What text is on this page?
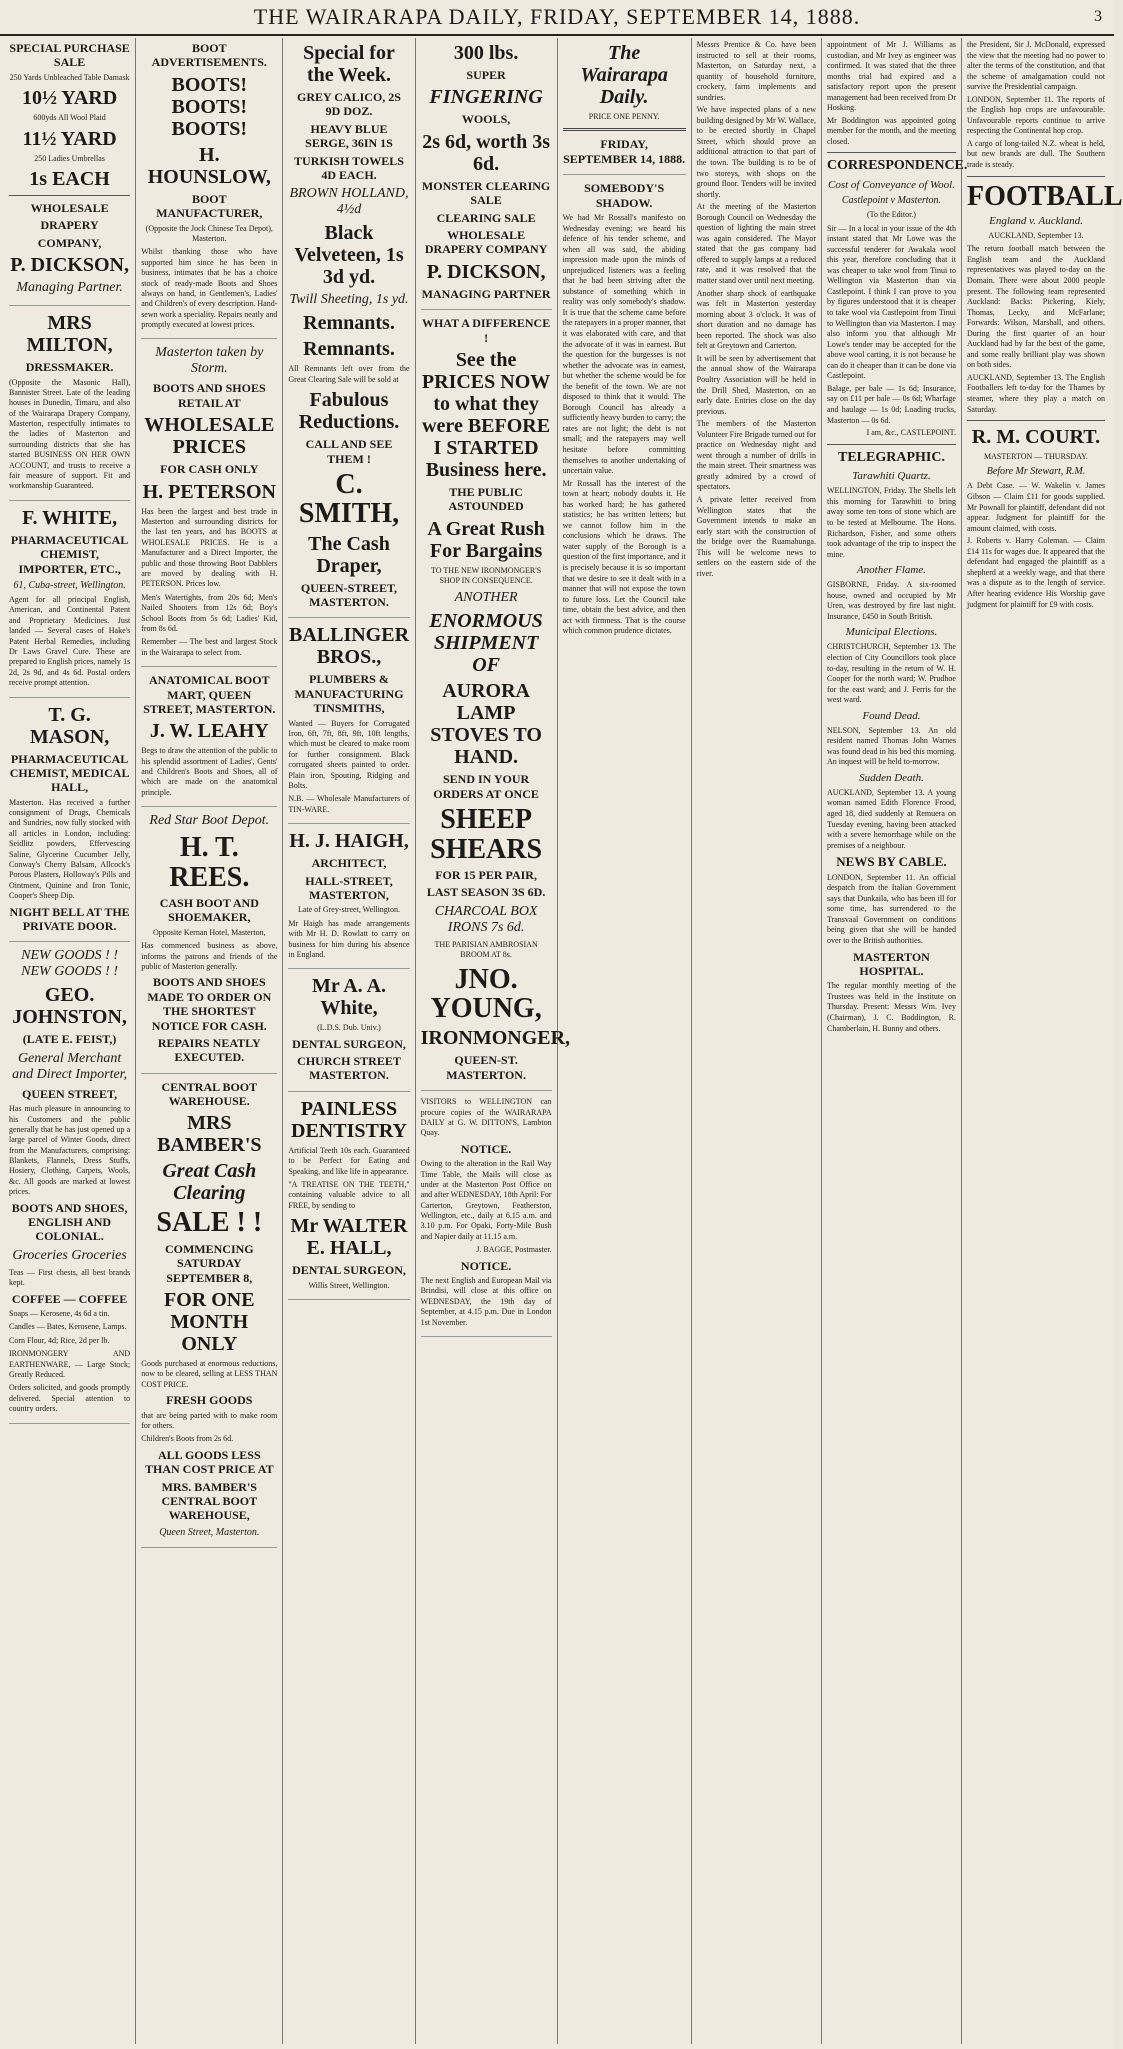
THE WAIRARAPA DAILY, FRIDAY, SEPTEMBER 14, 1888.	3
SPECIAL PURCHASE SALE
250 Yards Unbleached Table Damask
10½ YARD
600yds All Wool Plaid
11½ YARD
250 Ladies Umbrellas
1s EACH
WHOLESALE
DRAPERY
COMPANY,
P. DICKSON,
Managing Partner.
MRS MILTON,
DRESSMAKER.
(Opposite the Masonic Hall), Bannister Street. Late of the leading houses in Dunedin, Timaru, and also of the Wairarapa Drapery Company, Masterton, respectfully intimates to the ladies of Masterton and surrounding districts that she has started BUSINESS ON HER OWN ACCOUNT, and trusts to receive a fair measure of support. Fit and workmanship Guaranteed.
F. WHITE,
PHARMACEUTICAL CHEMIST, IMPORTER, ETC.,
61, Cuba-street, Wellington.
Agent for all principal English, American, and Continental Patent and Proprietary Medicines. Just landed — Several cases of Hake's Patent Herbal Remedies, including Dr Laws Gravel Cure. These are prepared to English prices, namely 1s 2d, 2s 9d, and 4s 6d. Postal orders receive prompt attention.
T. G. MASON,
PHARMACEUTICAL CHEMIST, MEDICAL HALL,
Masterton. Has received a further consignment of Drugs, Chemicals and Sundries, now fully stocked with all articles in London, including: Seidlitz powders, Effervescing Saline, Glycerine Cucumber Jelly, Conway's Cherry Balsam, Allcock's Porous Plasters, Holloway's Pills and Ointment, Quinine and Iron Tonic, Cooper's Sheep Dip.
NIGHT BELL AT THE PRIVATE DOOR.
NEW GOODS ! ! NEW GOODS ! !
GEO. JOHNSTON,
(LATE E. FEIST,)
General Merchant and Direct Importer,
QUEEN STREET,
Has much pleasure in announcing to his Customers and the public generally that he has just opened up a large parcel of Winter Goods, direct from the Manufacturers, comprising: Blankets, Flannels, Dress Stuffs, Hosiery, Clothing, Carpets, Wools, &c. All goods are marked at lowest prices.
BOOTS AND SHOES, ENGLISH AND COLONIAL.
Groceries Groceries
Teas — First chests, all best brands kept.
COFFEE — COFFEE
Soaps — Kerosene, 4s 6d a tin.
Candles — Bates, Kerosene, Lamps.
Corn Flour, 4d; Rice, 2d per lb.
IRONMONGERY AND EARTHENWARE, — Large Stock; Greatly Reduced.
Orders solicited, and goods promptly delivered. Special attention to country orders.
BOOT ADVERTISEMENTS.
BOOTS! BOOTS! BOOTS!
H. HOUNSLOW,
BOOT MANUFACTURER,
(Opposite the Jock Chinese Tea Depot), Masterton.
Whilst thanking those who have supported him since he has been in business, intimates that he has a choice stock of ready-made Boots and Shoes always on hand, in Gentlemen's, Ladies' and Children's of every description. Hand-sewn work a speciality. Repairs neatly and promptly executed at lowest prices.
Masterton taken by Storm.
BOOTS AND SHOES RETAIL AT
WHOLESALE PRICES
FOR CASH ONLY
H. PETERSON
Has been the largest and best trade in Masterton and surrounding districts for the last ten years, and has BOOTS at WHOLESALE PRICES. He is a Manufacturer and a Direct Importer, the public and those throwing Boot Dabblers are moved by dealing with H. PETERSON. Prices low.
Men's Watertights, from 20s 6d; Men's Nailed Shooters from 12s 6d; Boy's School Boots from 5s 6d; Ladies' Kid, from 8s 6d.
Remember — The best and largest Stock in the Wairarapa to select from.
ANATOMICAL BOOT MART, QUEEN STREET, MASTERTON.
J. W. LEAHY
Begs to draw the attention of the public to his splendid assortment of Ladies', Gents' and Children's Boots and Shoes, all of which are made on the anatomical principle.
Red Star Boot Depot.
H. T. REES.
CASH BOOT AND SHOEMAKER,
Opposite Kernan Hotel, Masterton,
Has commenced business as above, informs the patrons and friends of the public of Masterton generally.
BOOTS AND SHOES MADE TO ORDER ON THE SHORTEST NOTICE FOR CASH.
REPAIRS NEATLY EXECUTED.
CENTRAL BOOT WAREHOUSE.
MRS BAMBER'S
Great Cash Clearing
SALE ! !
COMMENCING SATURDAY SEPTEMBER 8,
FOR ONE MONTH ONLY
Goods purchased at enormous reductions, now to be cleared, selling at LESS THAN COST PRICE.
FRESH GOODS
that are being parted with to make room for others.
Children's Boots from 2s 6d.
ALL GOODS LESS THAN COST PRICE AT
MRS. BAMBER'S CENTRAL BOOT WAREHOUSE,
Queen Street, Masterton.
Special for the Week.
GREY CALICO, 2S 9D DOZ.
HEAVY BLUE SERGE, 36IN 1S
TURKISH TOWELS 4D EACH.
BROWN HOLLAND, 4½d
Black Velveteen, 1s 3d yd.
Twill Sheeting, 1s yd.
Remnants.
Remnants.
All Remnants left over from the Great Clearing Sale will be sold at
Fabulous Reductions.
CALL AND SEE THEM !
C. SMITH,
The Cash Draper,
QUEEN-STREET, MASTERTON.
BALLINGER BROS.,
PLUMBERS & MANUFACTURING TINSMITHS,
Wanted — Buyers for Corrugated Iron, 6ft, 7ft, 8ft, 9ft, 10ft lengths, which must be cleared to make room for further consignment. Black corrugated sheets painted to order. Plain iron, Spouting, Ridging and Bolts.
N.B. — Wholesale Manufacturers of TIN-WARE.
H. J. HAIGH,
ARCHITECT,
HALL-STREET, MASTERTON,
Late of Grey-street, Wellington.
Mr Haigh has made arrangements with Mr H. D. Rowlatt to carry on business for him during his absence in England.
Mr A. A. White,
(L.D.S. Dub. Univ.)
DENTAL SURGEON,
CHURCH STREET MASTERTON.
PAINLESS DENTISTRY
Artificial Teeth 10s each. Guaranteed to be Perfect for Eating and Speaking, and like life in appearance.
"A TREATISE ON THE TEETH," containing valuable advice to all FREE, by sending to
Mr WALTER E. HALL,
DENTAL SURGEON,
Willis Street, Wellington.
300 lbs.
SUPER
FINGERING
WOOLS,
2s 6d, worth 3s 6d.
MONSTER CLEARING SALE
CLEARING SALE
WHOLESALE DRAPERY COMPANY
P. DICKSON,
MANAGING PARTNER
WHAT A DIFFERENCE !
See the PRICES NOW to what they were BEFORE I STARTED Business here.
THE PUBLIC ASTOUNDED
A Great Rush For Bargains
TO THE NEW IRONMONGER'S SHOP IN CONSEQUENCE.
ANOTHER
ENORMOUS SHIPMENT OF
AURORA LAMP STOVES TO HAND.
SEND IN YOUR ORDERS AT ONCE
SHEEP SHEARS
FOR 15 PER PAIR,
LAST SEASON 3S 6D.
CHARCOAL BOX IRONS 7s 6d.
THE PARISIAN AMBROSIAN BROOM AT 8s.
JNO. YOUNG,
IRONMONGER,
QUEEN-ST. MASTERTON.
VISITORS to WELLINGTON can procure copies of the WAIRARAPA DAILY at G. W. DITTON'S, Lambton Quay.
NOTICE.
Owing to the alteration in the Rail Way Time Table, the Mails will close as under at the Masterton Post Office on and after WEDNESDAY, 18th April: For Carterton, Greytown, Featherston, Wellington, etc., daily at 6.15 a.m. and 3.10 p.m. For Opaki, Forty-Mile Bush and Napier daily at 11.15 a.m.
J. BAGGE, Postmaster.
NOTICE.
The next English and European Mail via Brindisi, will close at this office on WEDNESDAY, the 19th day of September, at 4.15 p.m. Due in London 1st November.
The Wairarapa Daily.
PRICE ONE PENNY.
FRIDAY, SEPTEMBER 14, 1888.
SOMEBODY'S SHADOW.

We had Mr Rossall's manifesto on Wednesday evening; we heard his defence of his tender scheme, and when all was said, the abiding impression made upon the minds of unprejudiced listeners was a feeling that he had been striving after the substance of something which in reality was only somebody's shadow. It is true that the scheme came before the ratepayers in a proper manner, that it was elaborated with care, and that the advocate of it was in earnest. But the question for the burgesses is not whether the advocate was in earnest, but whether the scheme would be for the benefit of the town. We are not disposed to think that it would. The Borough Council has already a sufficiently heavy burden to carry; the rates are not light; the debt is not small; and the ratepayers may well hesitate before committing themselves to another undertaking of uncertain value.

Mr Rossall has the interest of the town at heart; nobody doubts it. He has worked hard; he has gathered statistics; he has written letters; but we cannot follow him in the conclusions which he draws. The water supply of the Borough is a question of the first importance, and it is precisely because it is so important that we desire to see it dealt with in a manner that will not expose the town to future loss. Let the Council take time, obtain the best advice, and then act with firmness. That is the course which common prudence dictates.

Messrs Prentice & Co. have been instructed to sell at their rooms, Masterton, on Saturday next, a quantity of household furniture, crockery, farm implements and sundries.

We have inspected plans of a new building designed by Mr W. Wallace, to be erected shortly in Chapel Street, which should prove an additional attraction to that part of the town. The building is to be of two storeys, with shops on the ground floor. Tenders will be invited shortly.

At the meeting of the Masterton Borough Council on Wednesday the question of lighting the main street was again considered. The Mayor stated that the gas company had offered to supply lamps at a reduced rate, and it was resolved that the matter stand over until next meeting.

Another sharp shock of earthquake was felt in Masterton yesterday morning about 3 o'clock. It was of short duration and no damage has been reported. The shock was also felt at Greytown and Carterton.

It will be seen by advertisement that the annual show of the Wairarapa Poultry Association will be held in the Drill Shed, Masterton, on an early date. Entries close on the day previous.

The members of the Masterton Volunteer Fire Brigade turned out for practice on Wednesday night and went through a number of drills in the main street. Their smartness was greatly admired by a crowd of spectators.

A private letter received from Wellington states that the Government intends to make an early start with the construction of the bridge over the Ruamahunga. This will be welcome news to settlers on the eastern side of the river.

appointment of Mr J. Williams as custodian, and Mr Ivey as engineer was confirmed. It was stated that the three months trial had expired and a satisfactory report upon the present management had been received from Dr Hosking.

Mr Boddington was appointed going member for the month, and the meeting closed.

CORRESPONDENCE.
Cost of Conveyance of Wool.
Castlepoint v Masterton.
(To the Editor.)

Sir — In a local in your issue of the 4th instant stated that Mr Lowe was the successful tenderer for Awakala wool this year, therefore concluding that it was cheaper to take wool from Tinui to Wellington via Masterton than via Castlepoint. I think I can prove to you by figures understood that it is cheaper to take wool via Castlepoint from Tinui to Wellington than via Masterton. I may also inform you that although Mr Lowe's tender may be accepted for the above wool carting, it is not because he can do it cheaper than it can be done via Castlepoint.

Balage, per bale — 1s 6d; Insurance, say on £11 per bale — 0s 6d; Wharfage and haulage — 1s 0d; Loading trucks, Masterton — 0s 6d.

I am, &c., CASTLEPOINT.

TELEGRAPHIC.
Tarawhiti Quartz.

WELLINGTON, Friday. The Shells left this morning for Tarawhiti to bring away some ten tons of stone which are to be tested at Melbourne. The Hons. Richardson, Fisher, and some others took advantage of the trip to inspect the mine.

Another Flame.

GISBORNE, Friday. A six-roomed house, owned and occupied by Mr Uren, was destroyed by fire last night. Insurance, £450 in South British.

Municipal Elections.

CHRISTCHURCH, September 13. The election of City Councillors took place to-day, resulting in the return of W. H. Cooper for the north ward; W. Prudhoe for the east ward; and J. Ferris for the west ward.

Found Dead.

NELSON, September 13. An old resident named Thomas John Warnes was found dead in his bed this morning. An inquest will be held to-morrow.

Sudden Death.

AUCKLAND, September 13. A young woman named Edith Florence Frood, aged 18, died suddenly at Remuera on Tuesday evening, having been attacked with a severe hemorrhage while on the premises of a neighbour.

NEWS BY CABLE.

LONDON, September 11. An official despatch from the Italian Government says that Dunkaila, who has been ill for some time, has surrendered to the Transvaal Government on conditions being given that she will be handed over to the British authorities.

MASTERTON HOSPITAL.

The regular monthly meeting of the Trustees was held in the Institute on Thursday. Present: Messrs Wm. Ivey (Chairman), J. C. Boddington, R. Chamberlain, H. Bunny and others.

the President, Sir J. McDonald, expressed the view that the meeting had no power to alter the terms of the constitution, and that the scheme of amalgamation could not survive the Presidential campaign.

LONDON, September 11. The reports of the English hop crops are unfavourable. Unfavourable reports continue to arrive respecting the Continental hop crop.

A cargo of long-tailed N.Z. wheat is held, but new brands are dull. The Southern trade is steady.

FOOTBALL
England v. Auckland.
AUCKLAND, September 13.

The return football match between the English team and the Auckland representatives was played to-day on the Domain. There were about 2000 people present. The following team represented Auckland: Backs: Pickering, Kiely, Thomas, Lecky, and McFarlane; Forwards: Wilson, Marshall, and others. During the first quarter of an hour Auckland had by far the best of the game, and some really brilliant play was shown on both sides.

AUCKLAND, September 13. The English Footballers left to-day for the Thames by steamer, where they play a match on Saturday.

R. M. COURT.
MASTERTON — THURSDAY.
Before Mr Stewart, R.M.

A Debt Case. — W. Wakelin v. James Gibson — Claim £11 for goods supplied. Mr Pownall for plaintiff, defendant did not appear. Judgment for plaintiff for the amount claimed, with costs.

J. Roberts v. Harry Coleman. — Claim £14 11s for wages due. It appeared that the defendant had engaged the plaintiff as a shepherd at a weekly wage, and that there was a dispute as to the length of service. After hearing evidence His Worship gave judgment for plaintiff for £9 with costs.
